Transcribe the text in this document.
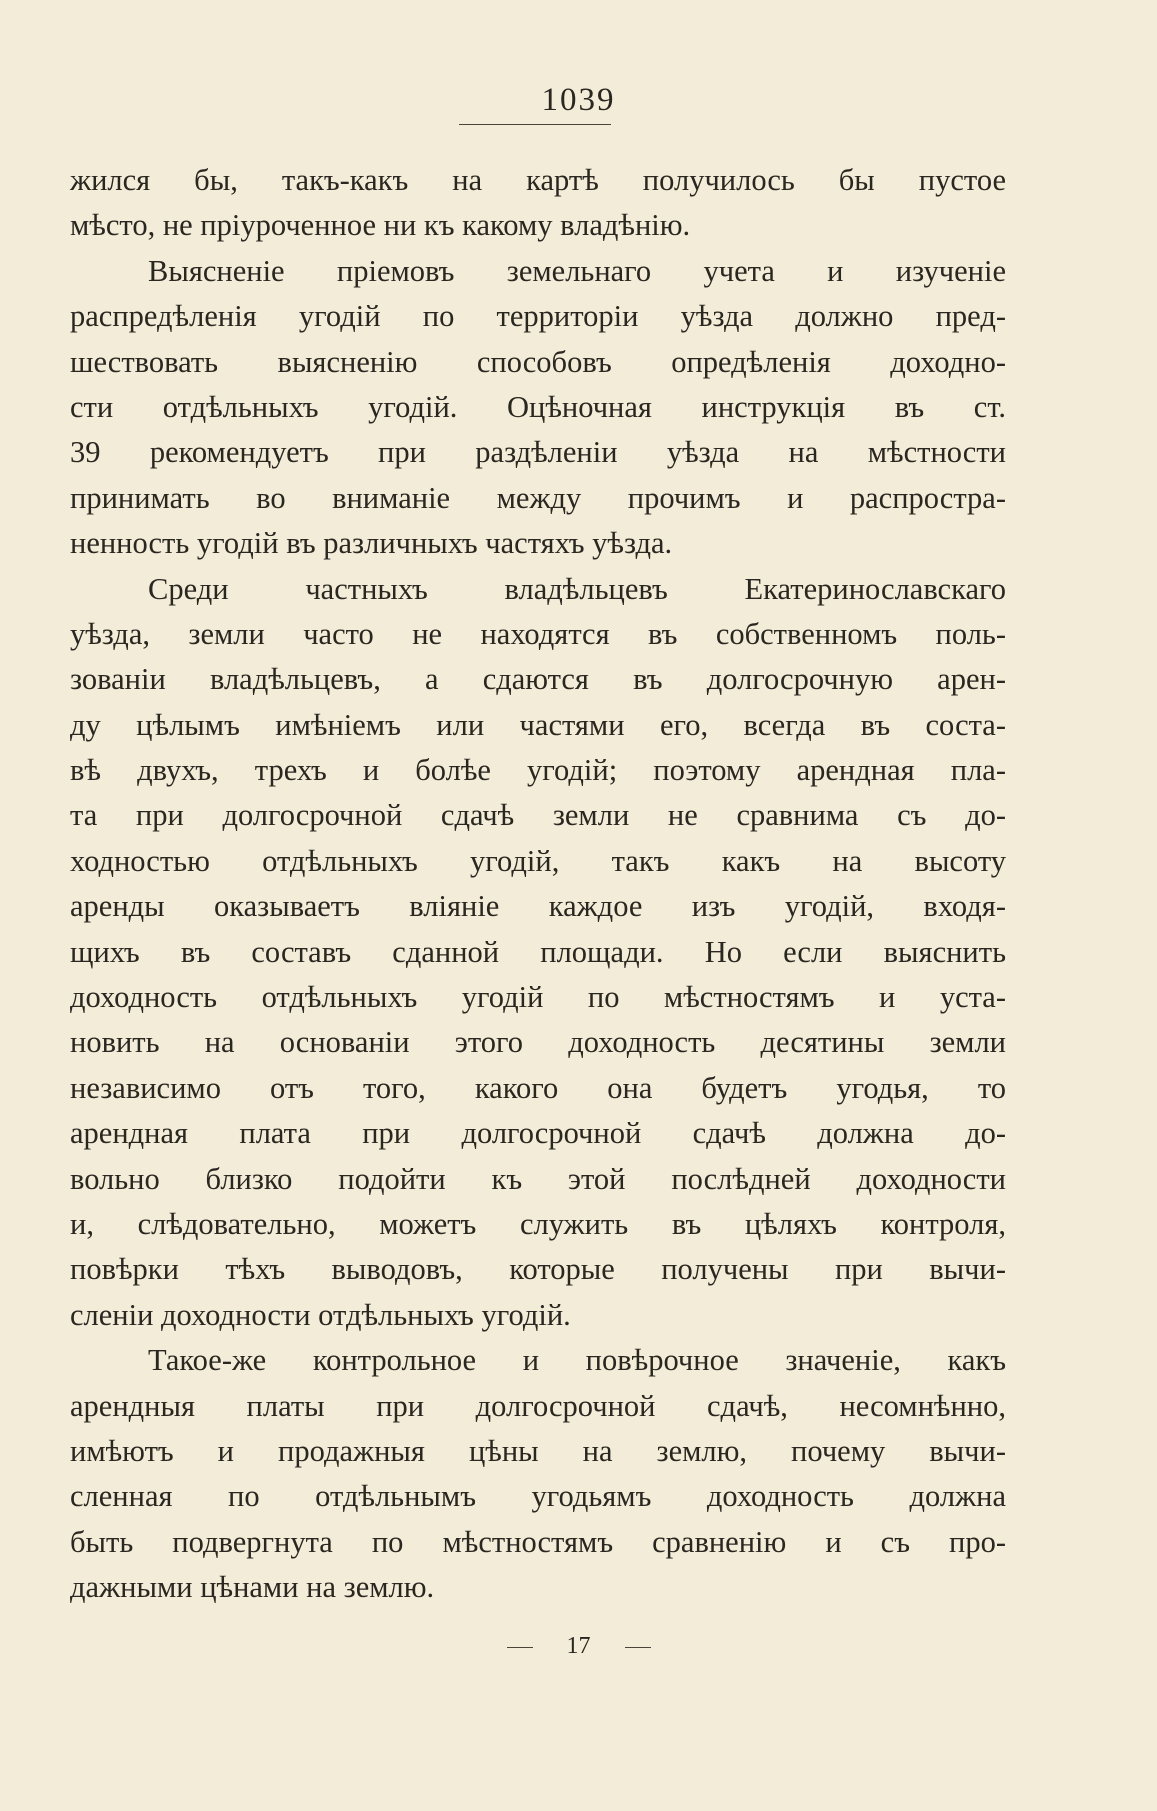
1039
жился бы, такъ-какъ на картѣ получилось бы пустое
мѣсто, не пріуроченное ни къ какому владѣнію.
Выясненіе пріемовъ земельнаго учета и изученіе
распредѣленія угодій по территоріи уѣзда должно пред-
шествовать выясненію способовъ опредѣленія доходно-
сти отдѣльныхъ угодій. Оцѣночная инструкція въ ст.
39 рекомендуетъ при раздѣленіи уѣзда на мѣстности
принимать во вниманіе между прочимъ и распростра-
ненность угодій въ различныхъ частяхъ уѣзда.
Среди частныхъ владѣльцевъ Екатеринославскаго
уѣзда, земли часто не находятся въ собственномъ поль-
зованіи владѣльцевъ, а сдаются въ долгосрочную арен-
ду цѣлымъ имѣніемъ или частями его, всегда въ соста-
вѣ двухъ, трехъ и болѣе угодій; поэтому арендная пла-
та при долгосрочной сдачѣ земли не сравнима съ до-
ходностью отдѣльныхъ угодій, такъ какъ на высоту
аренды оказываетъ вліяніе каждое изъ угодій, входя-
щихъ въ составъ сданной площади. Но если выяснить
доходность отдѣльныхъ угодій по мѣстностямъ и уста-
новить на основаніи этого доходность десятины земли
независимо отъ того, какого она будетъ угодья, то
арендная плата при долгосрочной сдачѣ должна до-
вольно близко подойти къ этой послѣдней доходности
и, слѣдовательно, можетъ служить въ цѣляхъ контроля,
повѣрки тѣхъ выводовъ, которые получены при вычи-
сленіи доходности отдѣльныхъ угодій.
Такое-же контрольное и повѣрочное значеніе, какъ
арендныя платы при долгосрочной сдачѣ, несомнѣнно,
имѣютъ и продажныя цѣны на землю, почему вычи-
сленная по отдѣльнымъ угодьямъ доходность должна
быть подвергнута по мѣстностямъ сравненію и съ про-
дажными цѣнами на землю.
17
